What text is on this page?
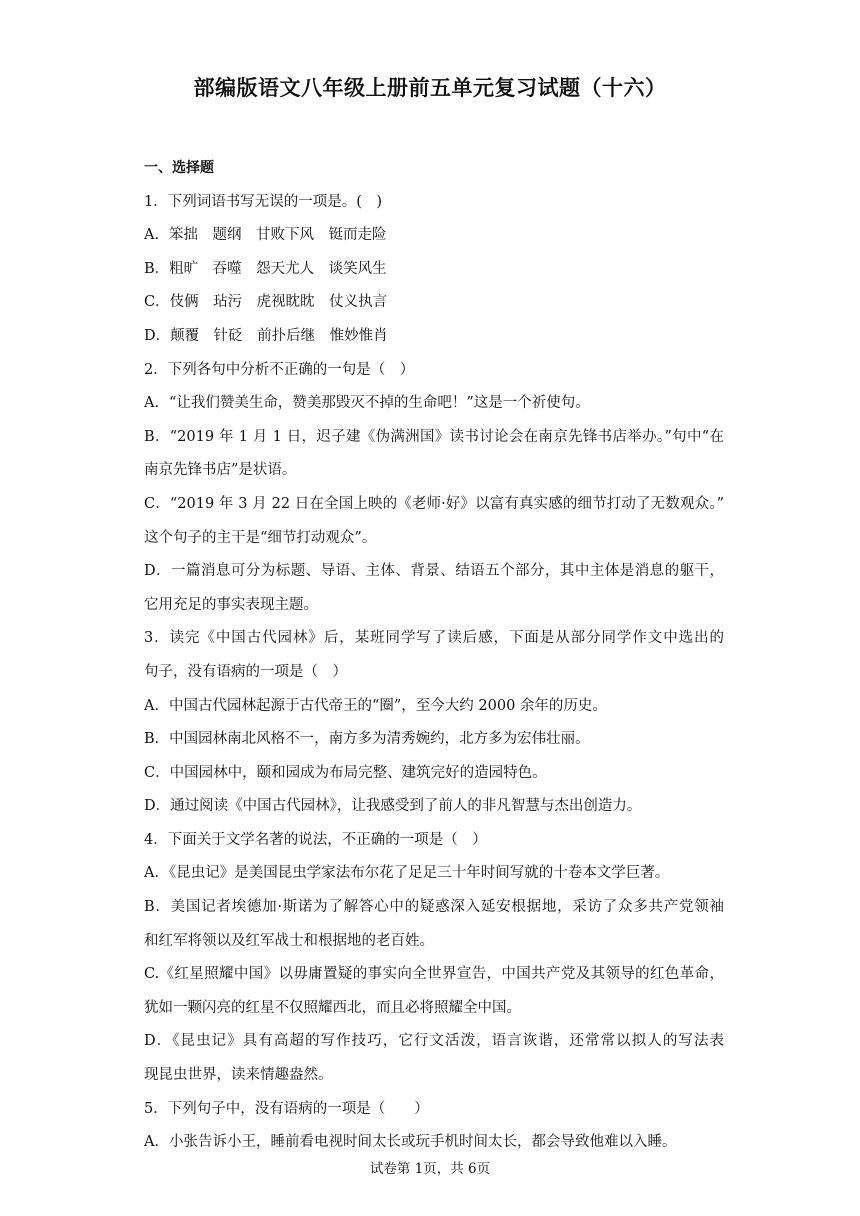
部编版语文八年级上册前五单元复习试题（十六）
一、选择题
1．下列词语书写无误的一项是。(　)
A．笨拙　题纲　甘败下风　铤而走险
B．粗旷　吞噬　怨天尤人　谈笑风生
C．伎俩　玷污　虎视眈眈　仗义执言
D．颠覆　针砭　前扑后继　惟妙惟肖
2．下列各句中分析不正确的一句是（　）
A．“让我们赞美生命，赞美那毁灭不掉的生命吧！”这是一个祈使句。
B．“2019 年 1 月 1 日，迟子建《伪满洲国》读书讨论会在南京先锋书店举办。”句中“在
南京先锋书店”是状语。
C．“2019 年 3 月 22 日在全国上映的《老师·好》以富有真实感的细节打动了无数观众。”
这个句子的主干是“细节打动观众”。
D．一篇消息可分为标题、导语、主体、背景、结语五个部分，其中主体是消息的躯干，
它用充足的事实表现主题。
3．读完《中国古代园林》后，某班同学写了读后感，下面是从部分同学作文中选出的
句子，没有语病的一项是（　）
A．中国古代园林起源于古代帝王的“圈”，至今大约 2000 余年的历史。
B．中国园林南北风格不一，南方多为清秀婉约，北方多为宏伟壮丽。
C．中国园林中，颐和园成为布局完整、建筑完好的造园特色。
D．通过阅读《中国古代园林》，让我感受到了前人的非凡智慧与杰出创造力。
4．下面关于文学名著的说法，不正确的一项是（　）
A．《昆虫记》是美国昆虫学家法布尔花了足足三十年时间写就的十卷本文学巨著。
B．美国记者埃德加·斯诺为了解答心中的疑惑深入延安根据地，采访了众多共产党领袖
和红军将领以及红军战士和根据地的老百姓。
C.《红星照耀中国》以毋庸置疑的事实向全世界宣告，中国共产党及其领导的红色革命，
犹如一颗闪亮的红星不仅照耀西北，而且必将照耀全中国。
D．《昆虫记》具有高超的写作技巧，它行文活泼，语言诙谐，还常常以拟人的写法表
现昆虫世界，读来情趣盎然。
5．下列句子中，没有语病的一项是（　　）
A．小张告诉小王，睡前看电视时间太长或玩手机时间太长，都会导致他难以入睡。
试卷第 1页，共 6页
